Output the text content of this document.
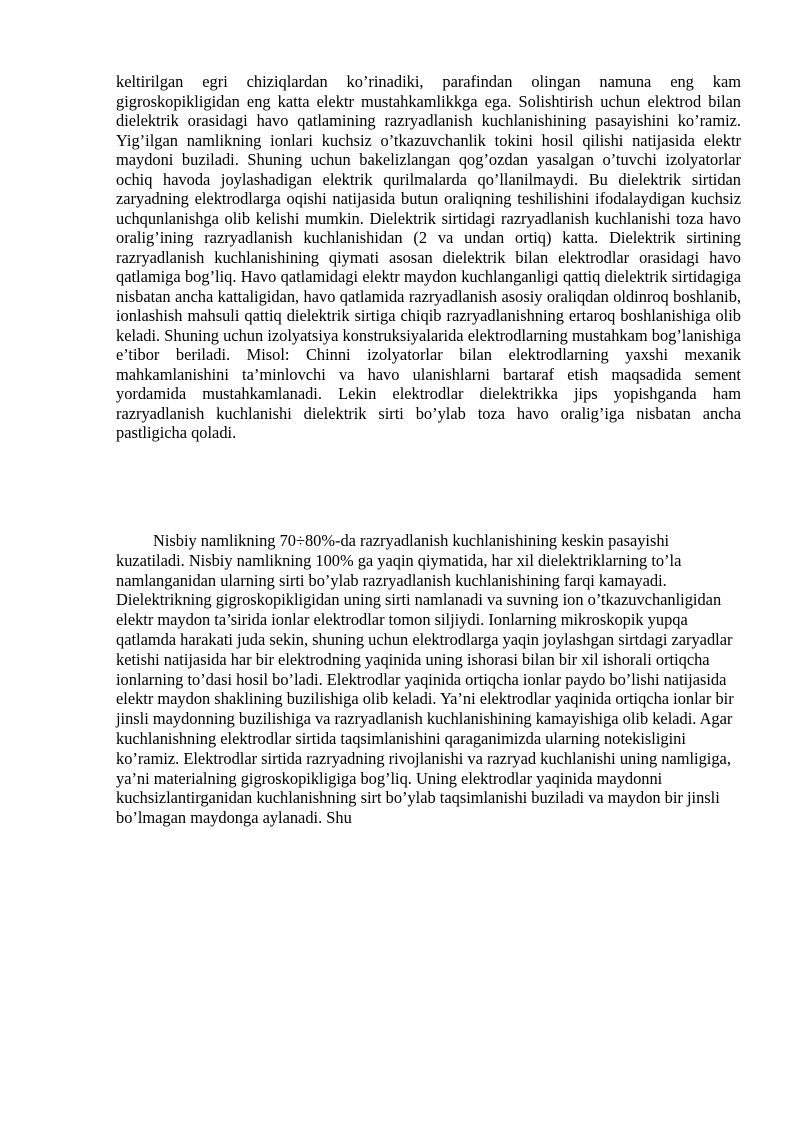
keltirilgan egri chiziqlardan ko’rinadiki, parafindan olingan namuna eng kam gigroskopikligidan eng katta elektr mustahkamlikkga ega. Solishtirish uchun elektrod bilan dielektrik orasidagi havo qatlamining razryadlanish kuchlanishining pasayishini ko’ramiz. Yig’ilgan namlikning ionlari kuchsiz o’tkazuvchanlik tokini hosil qilishi natijasida elektr maydoni buziladi. Shuning uchun bakelizlangan qog’ozdan yasalgan o’tuvchi izolyatorlar ochiq havoda joylashadigan elektrik qurilmalarda qo’llanilmaydi. Bu dielektrik sirtidan zaryadning elektrodlarga oqishi natijasida butun oraliqning teshilishini ifodalaydigan kuchsiz uchqunlanishga olib kelishi mumkin. Dielektrik sirtidagi razryadlanish kuchlanishi toza havo oralig’ining razryadlanish kuchlanishidan (2 va undan ortiq) katta. Dielektrik sirtining razryadlanish kuchlanishining qiymati asosan dielektrik bilan elektrodlar orasidagi havo qatlamiga bog’liq. Havo qatlamidagi elektr maydon kuchlanganligi qattiq dielektrik sirtidagiga nisbatan ancha kattaligidan, havo qatlamida razryadlanish asosiy oraliqdan oldinroq boshlanib, ionlashish mahsuli qattiq dielektrik sirtiga chiqib razryadlanishning ertaroq boshlanishiga olib keladi. Shuning uchun izolyatsiya konstruksiyalarida elektrodlarning mustahkam bog’lanishiga e’tibor beriladi. Misol: Chinni izolyatorlar bilan elektrodlarning yaxshi mexanik mahkamlanishini ta’minlovchi va havo ulanishlarni bartaraf etish maqsadida sement yordamida mustahkamlanadi. Lekin elektrodlar dielektrikka jips yopishganda ham razryadlanish kuchlanishi dielektrik sirti bo’ylab toza havo oralig’iga nisbatan ancha pastligicha qoladi.
Nisbiy namlikning 70÷80%-da razryadlanish kuchlanishining keskin pasayishi kuzatiladi. Nisbiy namlikning 100% ga yaqin qiymatida, har xil dielektriklarning to’la namlanganidan ularning sirti bo’ylab razryadlanish kuchlanishining farqi kamayadi. Dielektrikning gigroskopikligidan uning sirti namlanadi va suvning ion o’tkazuvchanligidan elektr maydon ta’sirida ionlar elektrodlar tomon siljiydi. Ionlarning mikroskopik yupqa qatlamda harakati juda sekin, shuning uchun elektrodlarga yaqin joylashgan sirtdagi zaryadlar ketishi natijasida har bir elektrodning yaqinida uning ishorasi bilan bir xil ishorali ortiqcha ionlarning to’dasi hosil bo’ladi. Elektrodlar yaqinida ortiqcha ionlar paydo bo’lishi natijasida elektr maydon shaklining buzilishiga olib keladi. Ya’ni elektrodlar yaqinida ortiqcha ionlar bir jinsli maydonning buzilishiga va razryadlanish kuchlanishining kamayishiga olib keladi. Agar kuchlanishning elektrodlar sirtida taqsimlanishini qaraganimizda ularning notekisligini ko’ramiz. Elektrodlar sirtida razryadning rivojlanishi va razryad kuchlanishi uning namligiga, ya’ni materialning gigroskopikligiga bog’liq. Uning elektrodlar yaqinida maydonni kuchsizlantirganidan kuchlanishning sirt bo’ylab taqsimlanishi buziladi va maydon bir jinsli bo’lmagan maydonga aylanadi. Shu
